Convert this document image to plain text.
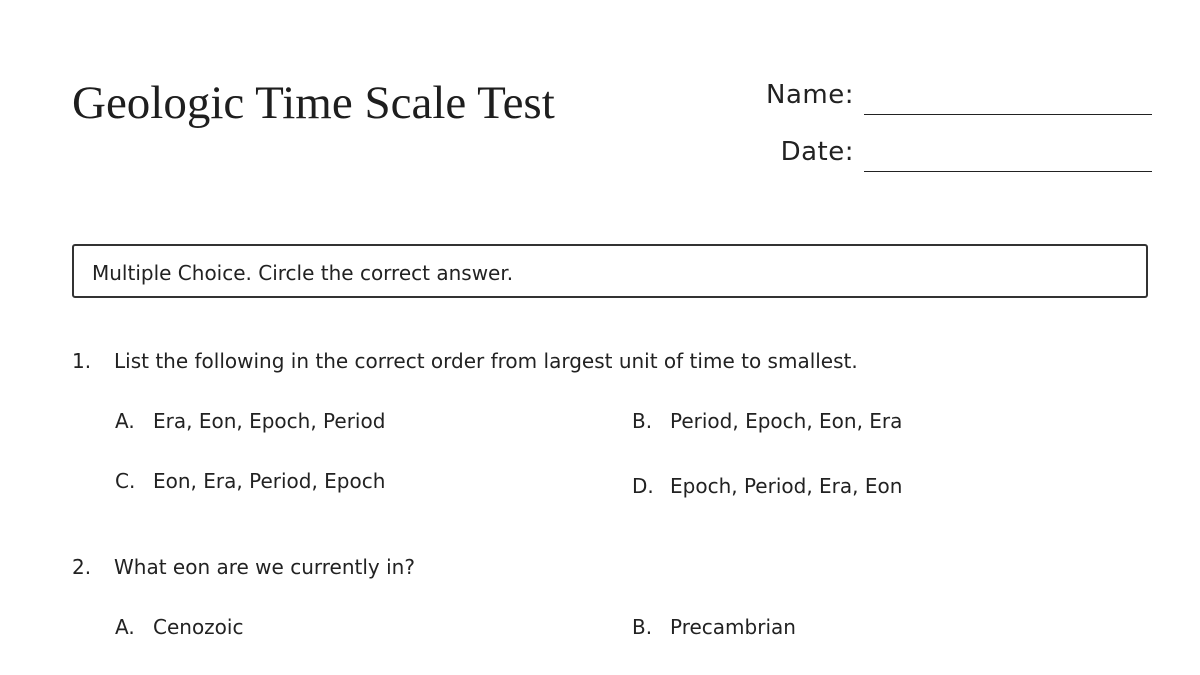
Geologic Time Scale Test	Name:
Date:
Multiple Choice. Circle the correct answer.
1. List the following in the correct order from largest unit of time to smallest.
A. Era, Eon, Epoch, Period	B. Period, Epoch, Eon, Era
C. Eon, Era, Period, Epoch	D. Epoch, Period, Era, Eon
2. What eon are we currently in?
A. Cenozoic	B. Precambrian
